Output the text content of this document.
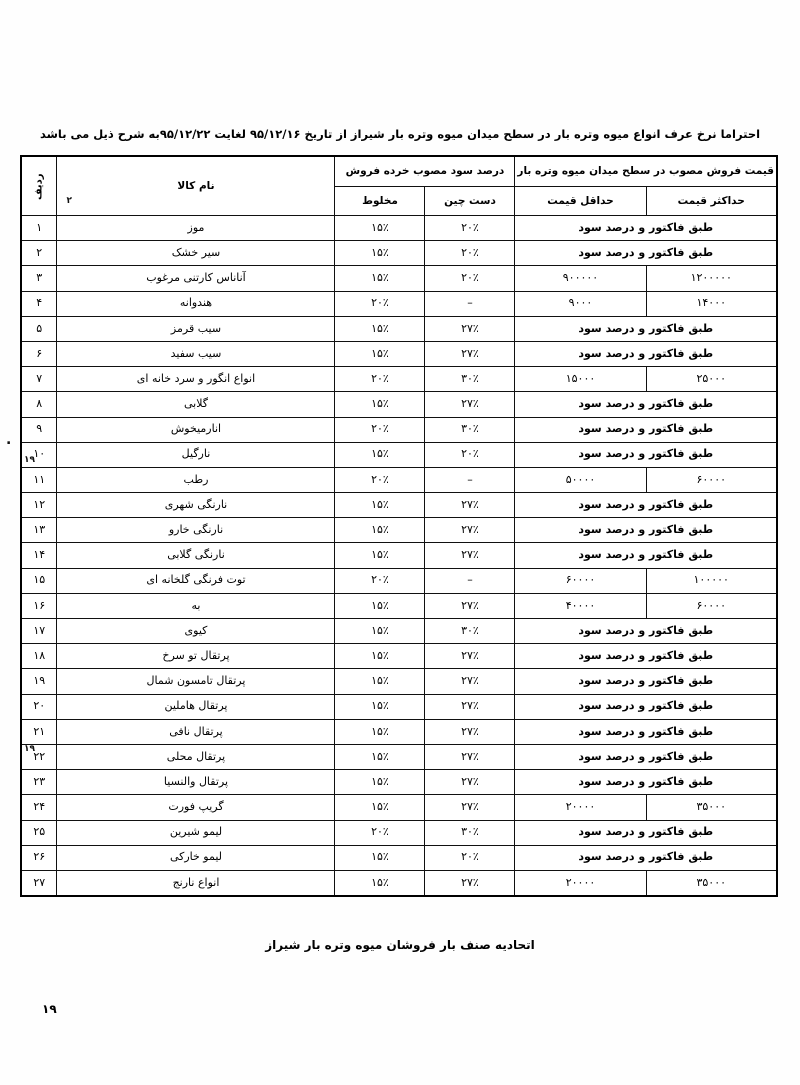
احتراما نرخ عرف انواع میوه وتره بار در سطح میدان میوه وتره بار شیراز از تاریخ ۹۵/۱۲/۱۶ لغایت ۹۵/۱۲/۲۲به شرح ذیل می باشد
قیمت فروش مصوب در سطح میدان میوه وتره بار		درصد سود مصوب خرده فروش		نام کالا	ردیف
حداکثر قیمت	حداقل قیمت	دست چین	مخلوط		
طبق فاکتور و درصد سود		۲۰٪	۱۵٪	موز	۱
طبق فاکتور و درصد سود		۲۰٪	۱۵٪	سیر خشک	۲
۱۲۰۰۰۰۰	۹۰۰۰۰۰	۲۰٪	۱۵٪	آناناس کارتنی مرغوب	۳
۱۴۰۰۰	۹۰۰۰	–	۲۰٪	هندوانه	۴
طبق فاکتور و درصد سود		۲۷٪	۱۵٪	سیب قرمز	۵
طبق فاکتور و درصد سود		۲۷٪	۱۵٪	سیب سفید	۶
۲۵۰۰۰	۱۵۰۰۰	۳۰٪	۲۰٪	انواع انگور و سرد خانه ای	۷
طبق فاکتور و درصد سود		۲۷٪	۱۵٪	گلابی	۸
طبق فاکتور و درصد سود		۳۰٪	۲۰٪	انارمیخوش	۹
طبق فاکتور و درصد سود		۲۰٪	۱۵٪	نارگیل	۱۰
۶۰۰۰۰	۵۰۰۰۰	–	۲۰٪	رطب	۱۱
طبق فاکتور و درصد سود		۲۷٪	۱۵٪	نارنگی شهری	۱۲
طبق فاکتور و درصد سود		۲۷٪	۱۵٪	نارنگی خارو	۱۳
طبق فاکتور و درصد سود		۲۷٪	۱۵٪	نارنگی گلابی	۱۴
۱۰۰۰۰۰	۶۰۰۰۰	–	۲۰٪	توت فرنگی گلخانه ای	۱۵
۶۰۰۰۰	۴۰۰۰۰	۲۷٪	۱۵٪	به	۱۶
طبق فاکتور و درصد سود		۳۰٪	۱۵٪	کیوی	۱۷
طبق فاکتور و درصد سود		۲۷٪	۱۵٪	پرتقال تو سرخ	۱۸
طبق فاکتور و درصد سود		۲۷٪	۱۵٪	پرتقال تامسون شمال	۱۹
طبق فاکتور و درصد سود		۲۷٪	۱۵٪	پرتقال هاملین	۲۰
طبق فاکتور و درصد سود		۲۷٪	۱۵٪	پرتقال نافی	۲۱
طبق فاکتور و درصد سود		۲۷٪	۱۵٪	پرتقال محلی	۲۲
طبق فاکتور و درصد سود		۲۷٪	۱۵٪	پرتقال والنسیا	۲۳
۳۵۰۰۰	۲۰۰۰۰	۲۷٪	۱۵٪	گریپ فورت	۲۴
طبق فاکتور و درصد سود		۳۰٪	۲۰٪	لیمو شیرین	۲۵
طبق فاکتور و درصد سود		۲۰٪	۱۵٪	لیمو خارکی	۲۶
۳۵۰۰۰	۲۰۰۰۰	۲۷٪	۱۵٪	انواع نارنج	۲۷
اتحادیه صنف بار فروشان میوه وتره بار شیراز
۱۹
۲
۱۹
۱۹
.
